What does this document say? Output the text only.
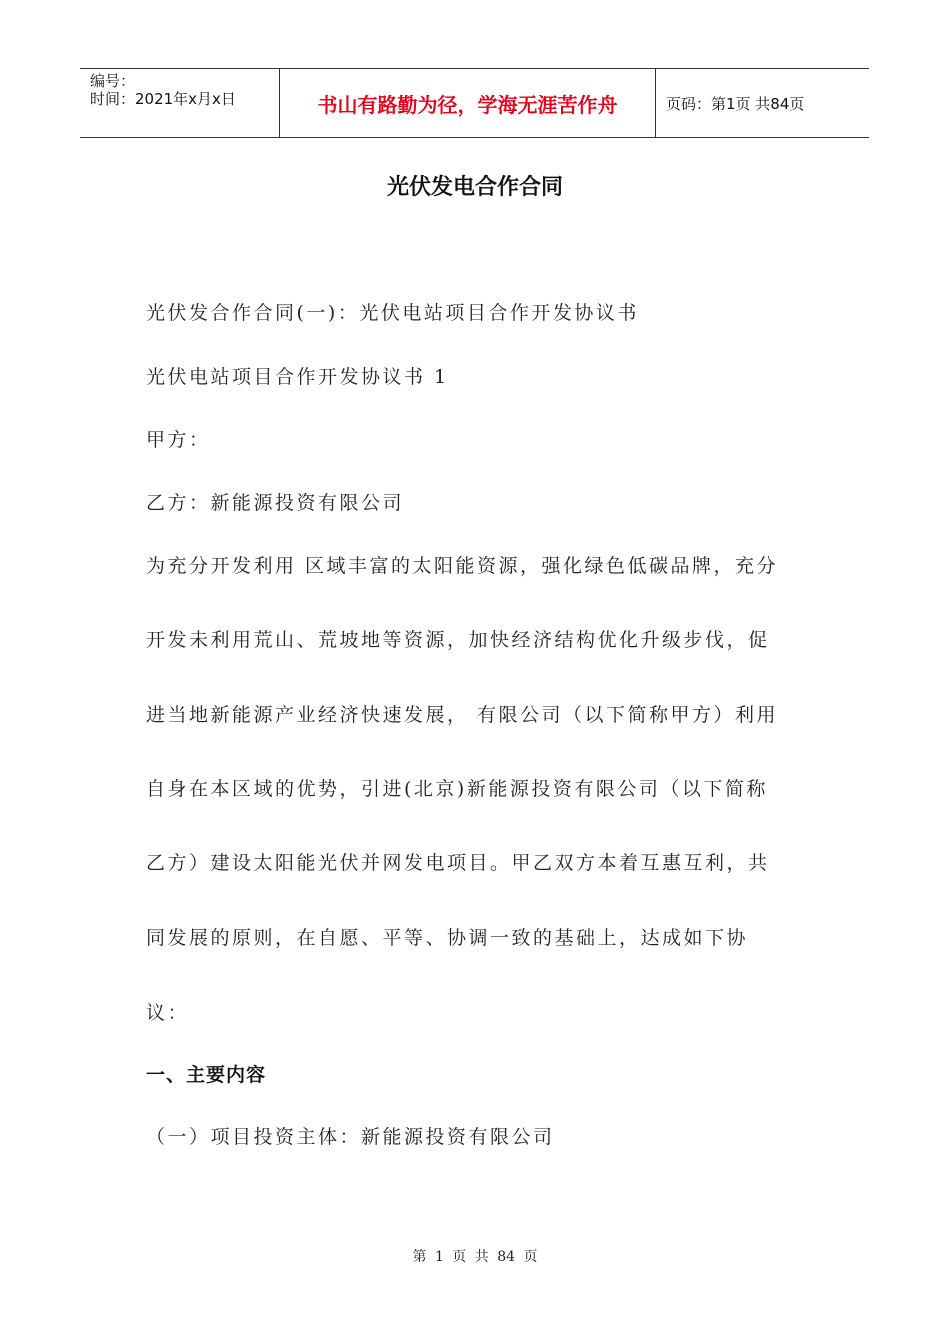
编号：
时间：2021年x月x日	书山有路勤为径，学海无涯苦作舟	页码：第1页 共84页
光伏发电合作合同
光伏发合作合同(一)：光伏电站项目合作开发协议书
光伏电站项目合作开发协议书 1
甲方：
乙方：新能源投资有限公司
为充分开发利用 区域丰富的太阳能资源，强化绿色低碳品牌，充分
开发未利用荒山、荒坡地等资源，加快经济结构优化升级步伐，促
进当地新能源产业经济快速发展， 有限公司（以下简称甲方）利用
自身在本区域的优势，引进(北京)新能源投资有限公司（以下简称
乙方）建设太阳能光伏并网发电项目。甲乙双方本着互惠互利，共
同发展的原则，在自愿、平等、协调一致的基础上，达成如下协
议：
一、主要内容
（一）项目投资主体：新能源投资有限公司
第 1 页 共 84 页
